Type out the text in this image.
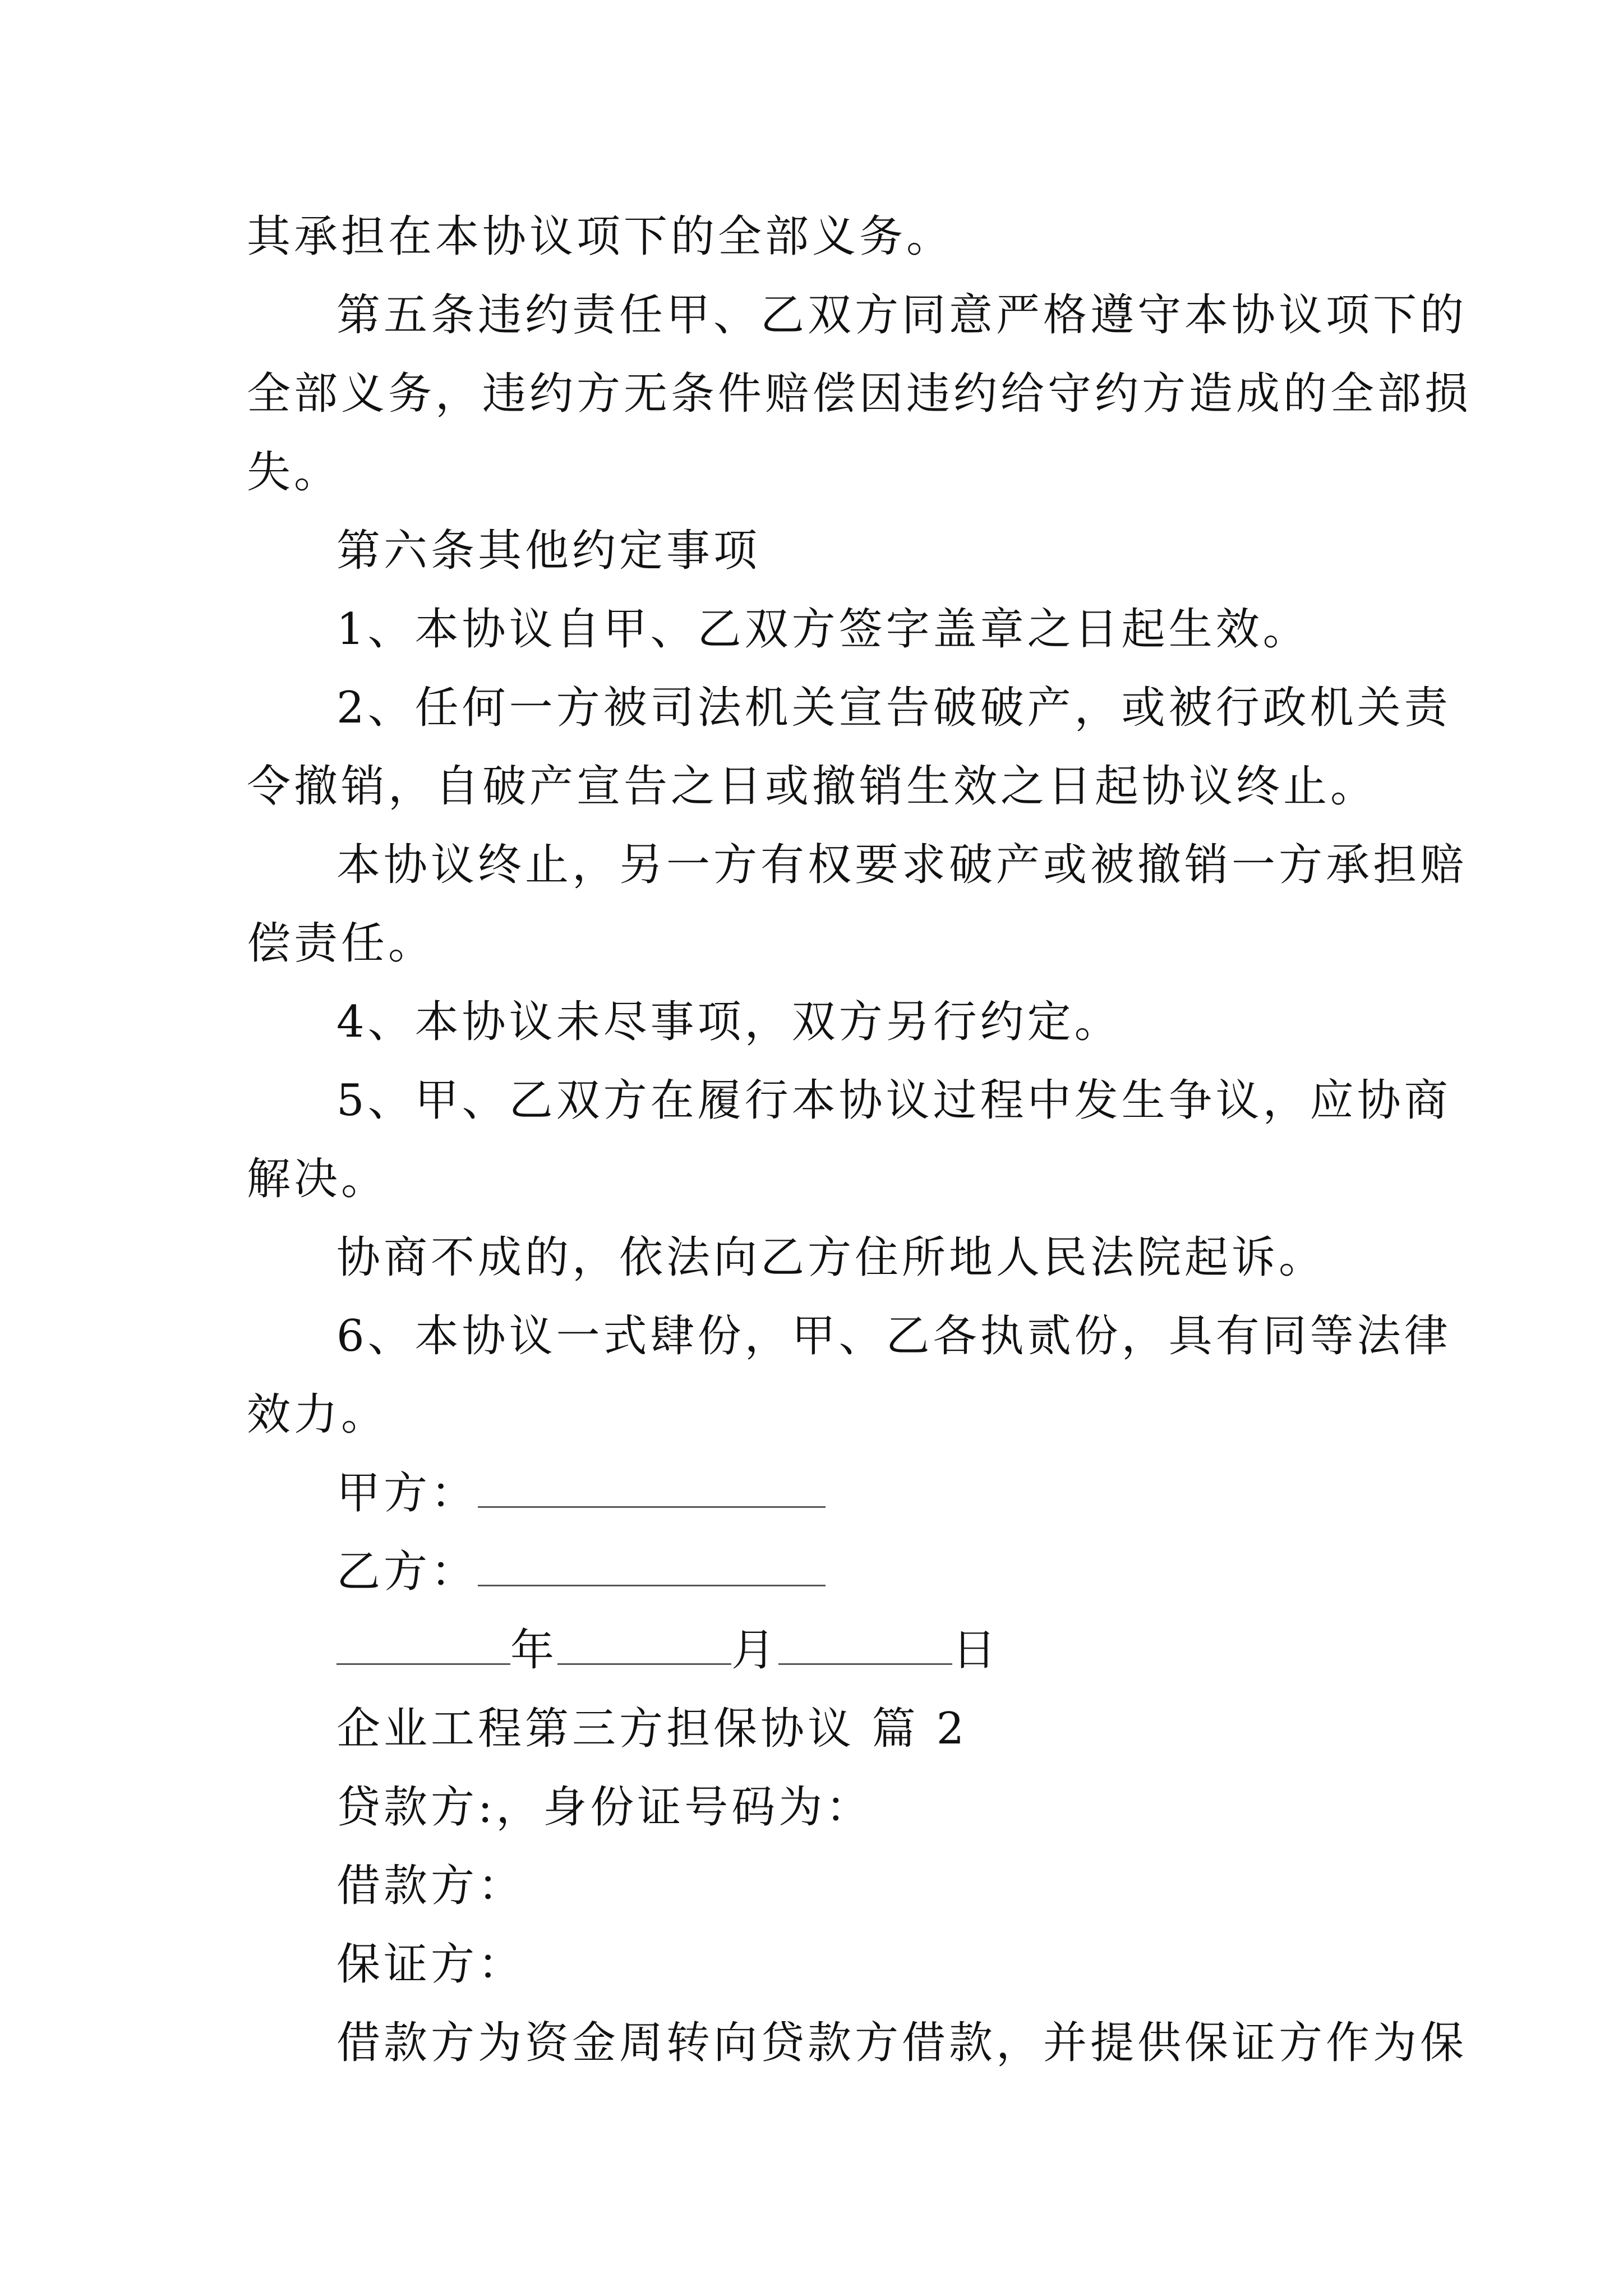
其承担在本协议项下的全部义务。
第五条违约责任甲、乙双方同意严格遵守本协议项下的
全部义务，违约方无条件赔偿因违约给守约方造成的全部损
失。
第六条其他约定事项
1、本协议自甲、乙双方签字盖章之日起生效。
2、任何一方被司法机关宣告破破产，或被行政机关责
令撤销，自破产宣告之日或撤销生效之日起协议终止。
本协议终止，另一方有权要求破产或被撤销一方承担赔
偿责任。
4、本协议未尽事项，双方另行约定。
5、甲、乙双方在履行本协议过程中发生争议，应协商
解决。
协商不成的，依法向乙方住所地人民法院起诉。
6、本协议一式肆份，甲、乙各执贰份，具有同等法律
效力。
甲方：
乙方：
年	月	日
企业工程第三方担保协议 篇 2
贷款方:，身份证号码为：
借款方：
保证方：
借款方为资金周转向贷款方借款，并提供保证方作为保
